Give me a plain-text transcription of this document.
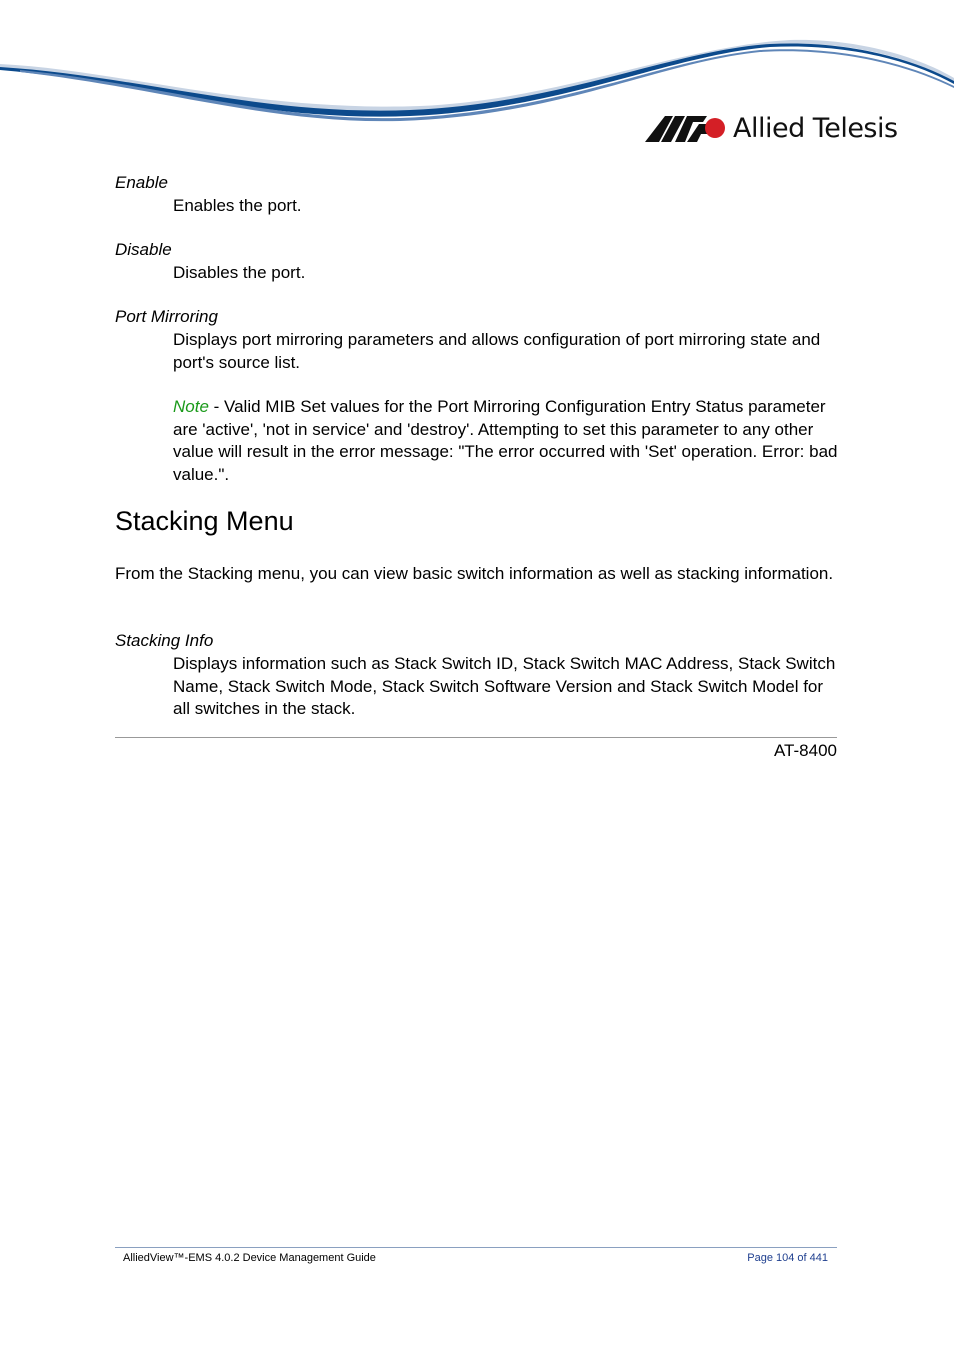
Allied Telesis
Enable
Enables the port.
Disable
Disables the port.
Port Mirroring
Displays port mirroring parameters and allows configuration of port mirroring state and port's source list.
Note - Valid MIB Set values for the Port Mirroring Configuration Entry Status parameter are 'active', 'not in service' and 'destroy'. Attempting to set this parameter to any other value will result in the error message: "The error occurred with 'Set' operation. Error: bad value.".
Stacking Menu
From the Stacking menu, you can view basic switch information as well as stacking information.
Stacking Info
Displays information such as Stack Switch ID, Stack Switch MAC Address, Stack Switch Name, Stack Switch Mode, Stack Switch Software Version and Stack Switch Model for all switches in the stack.
AT-8400
AlliedView™-EMS 4.0.2 Device Management Guide	Page 104 of 441
